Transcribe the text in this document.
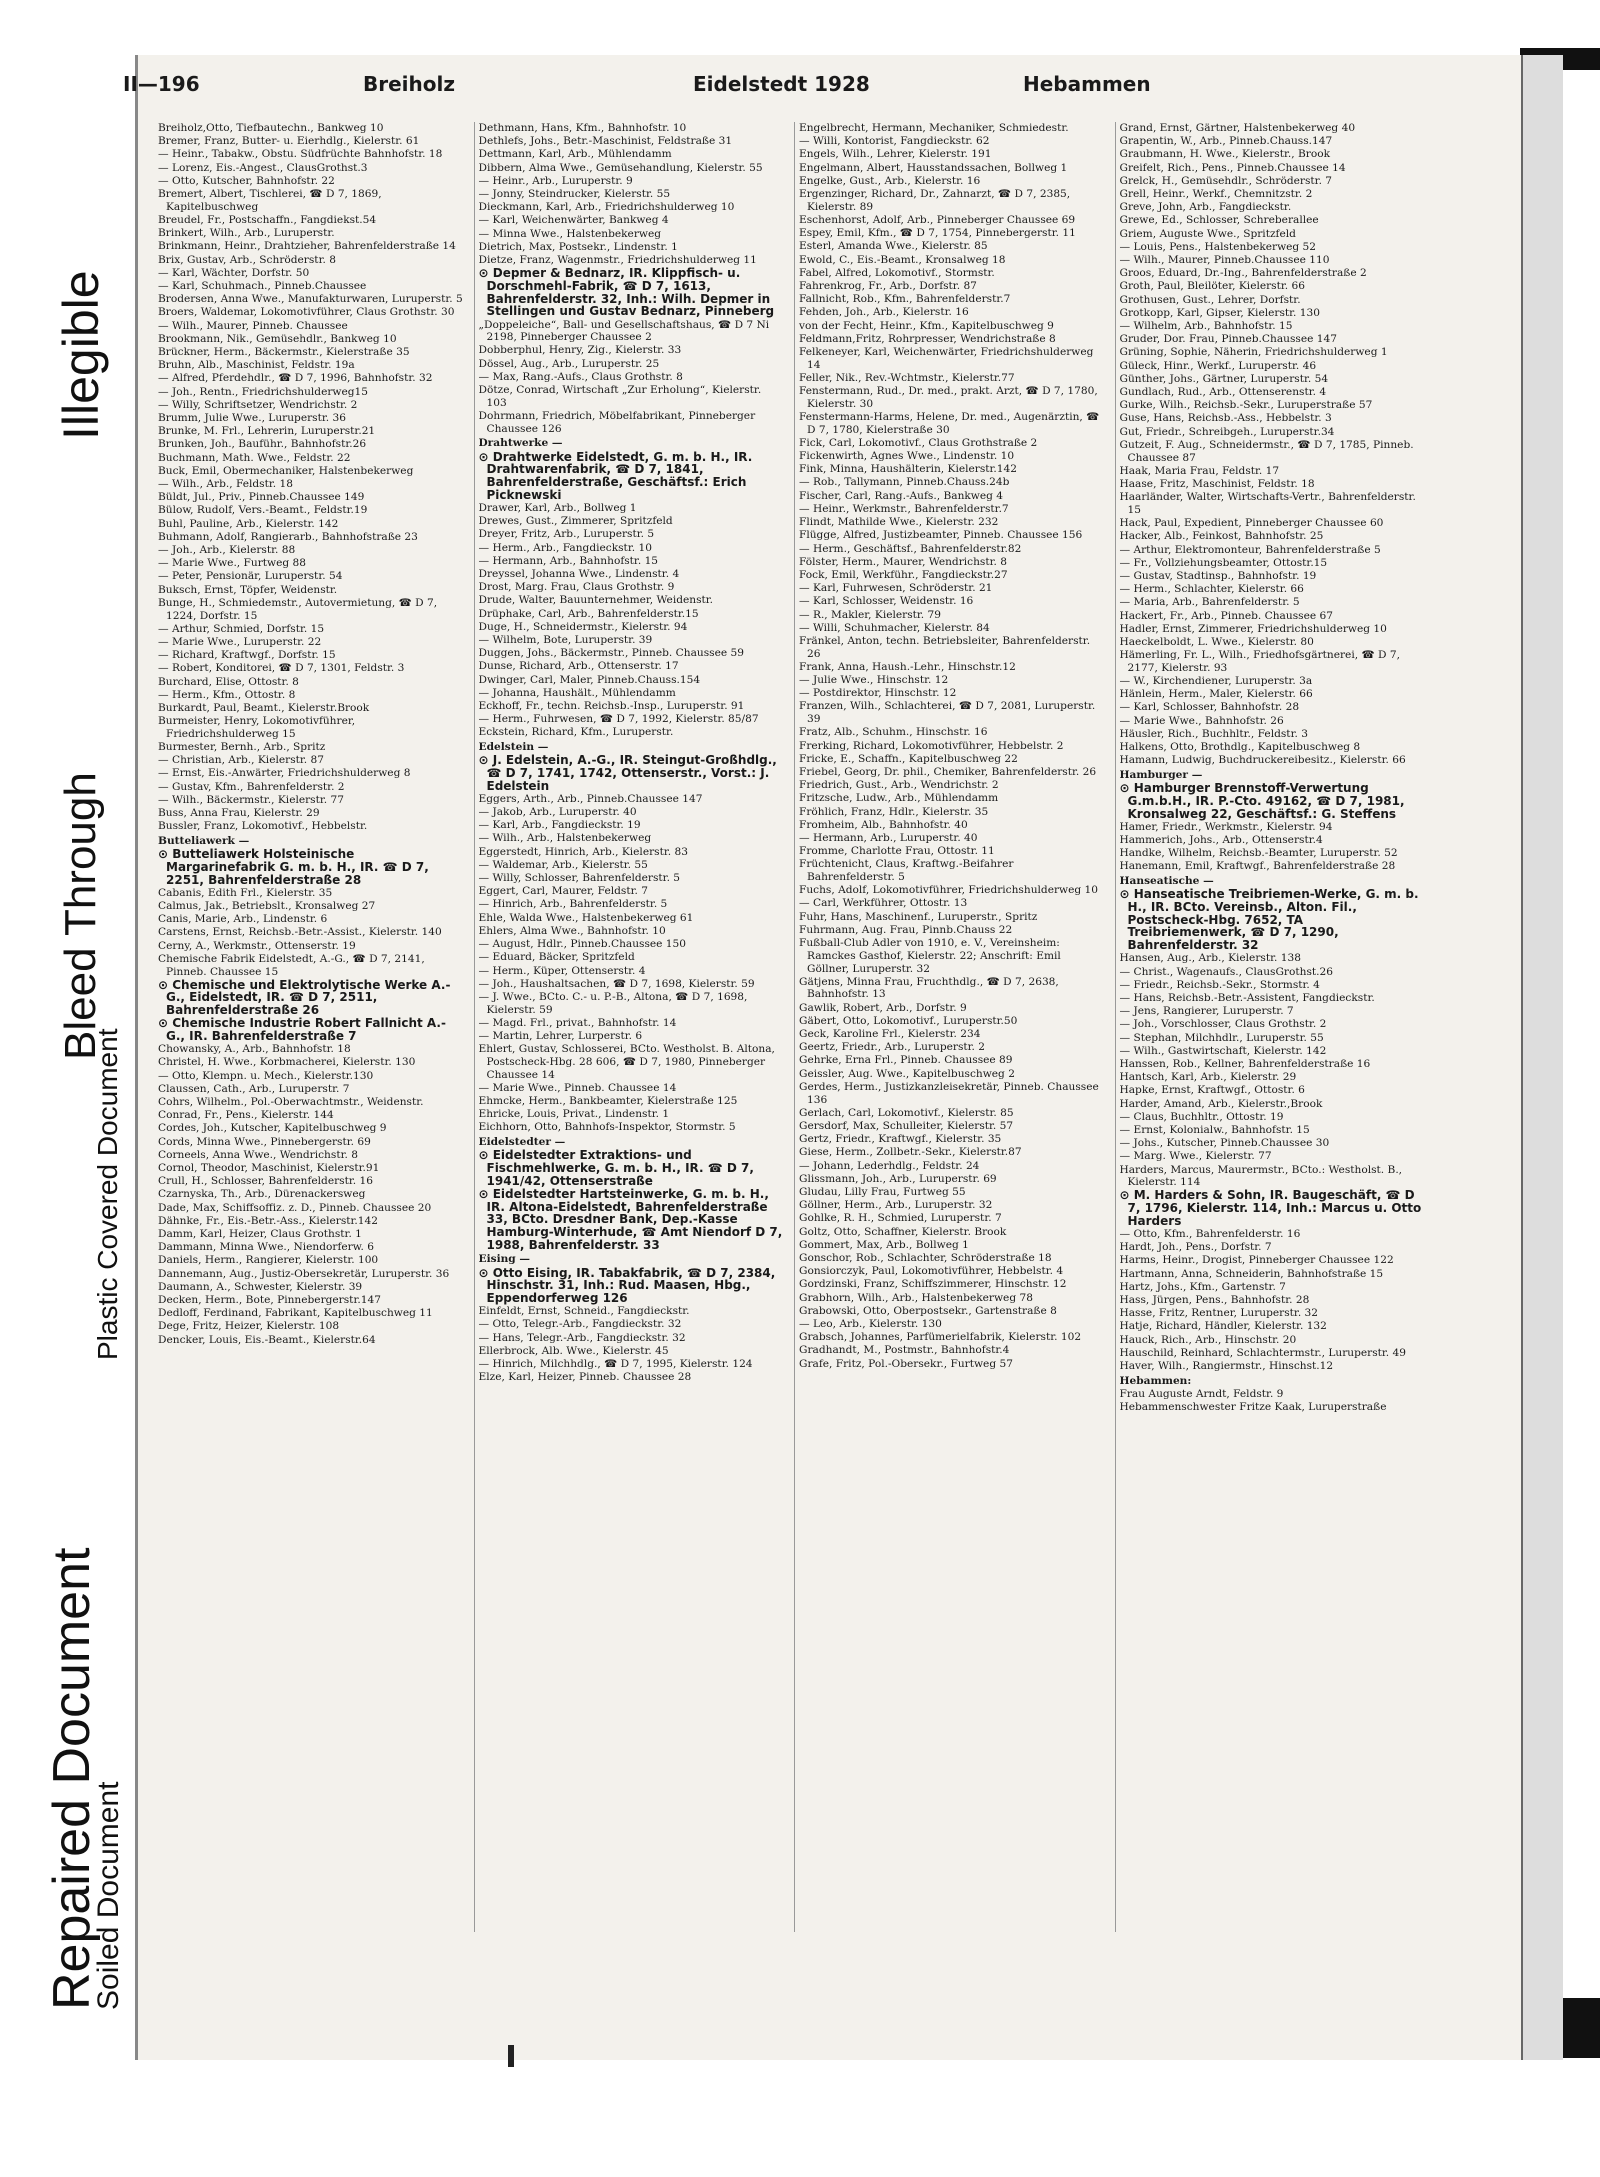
Repaired Document
Bleed Through
Soiled Document
Plastic Covered Document
Illegible
II—196	Breiholz	Eidelstedt 1928	Hebammen
Breiholz,Otto, Tiefbautechn., Bankweg 10
Bremer, Franz, Butter- u. Eierhdlg., Kielerstr. 61
— Heinr., Tabakw., Obstu. Südfrüchte Bahnhofstr. 18
— Lorenz, Eis.-Angest., ClausGrothst.3
— Otto, Kutscher, Bahnhofstr. 22
Bremert, Albert, Tischlerei, ☎ D 7, 1869, Kapitelbuschweg
Breudel, Fr., Postschaffn., Fangdiekst.54
Brinkert, Wilh., Arb., Luruperstr.
Brinkmann, Heinr., Drahtzieher, Bahrenfelderstraße 14
Brix, Gustav, Arb., Schröderstr. 8
— Karl, Wächter, Dorfstr. 50
— Karl, Schuhmach., Pinneb.Chaussee
Brodersen, Anna Wwe., Manufakturwaren, Luruperstr. 5
Broers, Waldemar, Lokomotivführer, Claus Grothstr. 30
— Wilh., Maurer, Pinneb. Chaussee
Brookmann, Nik., Gemüsehdlr., Bankweg 10
Brückner, Herm., Bäckermstr., Kielerstraße 35
Bruhn, Alb., Maschinist, Feldstr. 19a
— Alfred, Pferdehdlr., ☎ D 7, 1996, Bahnhofstr. 32
— Joh., Rentn., Friedrichshulderweg15
— Willy, Schriftsetzer, Wendrichstr. 2
Brumm, Julie Wwe., Luruperstr. 36
Brunke, M. Frl., Lehrerin, Luruperstr.21
Brunken, Joh., Bauführ., Bahnhofstr.26
Buchmann, Math. Wwe., Feldstr. 22
Buck, Emil, Obermechaniker, Halstenbekerweg
— Wilh., Arb., Feldstr. 18
Büldt, Jul., Priv., Pinneb.Chaussee 149
Bülow, Rudolf, Vers.-Beamt., Feldstr.19
Buhl, Pauline, Arb., Kielerstr. 142
Buhmann, Adolf, Rangierarb., Bahnhofstraße 23
— Joh., Arb., Kielerstr. 88
— Marie Wwe., Furtweg 88
— Peter, Pensionär, Luruperstr. 54
Buksch, Ernst, Töpfer, Weidenstr.
Bunge, H., Schmiedemstr., Autovermietung, ☎ D 7, 1224, Dorfstr. 15
— Arthur, Schmied, Dorfstr. 15
— Marie Wwe., Luruperstr. 22
— Richard, Kraftwgf., Dorfstr. 15
— Robert, Konditorei, ☎ D 7, 1301, Feldstr. 3
Burchard, Elise, Ottostr. 8
— Herm., Kfm., Ottostr. 8
Burkardt, Paul, Beamt., Kielerstr.Brook
Burmeister, Henry, Lokomotivführer, Friedrichshulderweg 15
Burmester, Bernh., Arb., Spritz
— Christian, Arb., Kielerstr. 87
— Ernst, Eis.-Anwärter, Friedrichshulderweg 8
— Gustav, Kfm., Bahrenfelderstr. 2
— Wilh., Bäckermstr., Kielerstr. 77
Buss, Anna Frau, Kielerstr. 29
Bussler, Franz, Lokomotivf., Hebbelstr.
Butteliawerk —
⊙ Butteliawerk Holsteinische Margarinefabrik G. m. b. H., IR. ☎ D 7, 2251, Bahrenfelderstraße 28
Cabanis, Edith Frl., Kielerstr. 35
Calmus, Jak., Betriebslt., Kronsalweg 27
Canis, Marie, Arb., Lindenstr. 6
Carstens, Ernst, Reichsb.-Betr.-Assist., Kielerstr. 140
Cerny, A., Werkmstr., Ottenserstr. 19
Chemische Fabrik Eidelstedt, A.-G., ☎ D 7, 2141, Pinneb. Chaussee 15
⊙ Chemische und Elektrolytische Werke A.-G., Eidelstedt, IR. ☎ D 7, 2511, Bahrenfelderstraße 26
⊙ Chemische Industrie Robert Fallnicht A.-G., IR. Bahrenfelderstraße 7
Chowansky, A., Arb., Bahnhofstr. 18
Christel, H. Wwe., Korbmacherei, Kielerstr. 130
— Otto, Klempn. u. Mech., Kielerstr.130
Claussen, Cath., Arb., Luruperstr. 7
Cohrs, Wilhelm., Pol.-Oberwachtmstr., Weidenstr.
Conrad, Fr., Pens., Kielerstr. 144
Cordes, Joh., Kutscher, Kapitelbuschweg 9
Cords, Minna Wwe., Pinnebergerstr. 69
Corneels, Anna Wwe., Wendrichstr. 8
Cornol, Theodor, Maschinist, Kielerstr.91
Crull, H., Schlosser, Bahrenfelderstr. 16
Czarnyska, Th., Arb., Dürenackersweg
Dade, Max, Schiffsoffiz. z. D., Pinneb. Chaussee 20
Dähnke, Fr., Eis.-Betr.-Ass., Kielerstr.142
Damm, Karl, Heizer, Claus Grothstr. 1
Dammann, Minna Wwe., Niendorferw. 6
Daniels, Herm., Rangierer, Kielerstr. 100
Dannemann, Aug., Justiz-Obersekretär, Luruperstr. 36
Daumann, A., Schwester, Kielerstr. 39
Decken, Herm., Bote, Pinnebergerstr.147
Dedloff, Ferdinand, Fabrikant, Kapitelbuschweg 11
Dege, Fritz, Heizer, Kielerstr. 108
Dencker, Louis, Eis.-Beamt., Kielerstr.64
Dethmann, Hans, Kfm., Bahnhofstr. 10
Dethlefs, Johs., Betr.-Maschinist, Feldstraße 31
Dettmann, Karl, Arb., Mühlendamm
Dibbern, Alma Wwe., Gemüsehandlung, Kielerstr. 55
— Heinr., Arb., Luruperstr. 9
— Jonny, Steindrucker, Kielerstr. 55
Dieckmann, Karl, Arb., Friedrichshulderweg 10
— Karl, Weichenwärter, Bankweg 4
— Minna Wwe., Halstenbekerweg
Dietrich, Max, Postsekr., Lindenstr. 1
Dietze, Franz, Wagenmstr., Friedrichshulderweg 11
⊙ Depmer & Bednarz, IR. Klippfisch- u. Dorschmehl-Fabrik, ☎ D 7, 1613, Bahrenfelderstr. 32, Inh.: Wilh. Depmer in Stellingen und Gustav Bednarz, Pinneberg
„Doppeleiche“, Ball- und Gesellschaftshaus, ☎ D 7 Ni 2198, Pinneberger Chaussee 2
Dobberphul, Henry, Zig., Kielerstr. 33
Dössel, Aug., Arb., Luruperstr. 25
— Max, Rang.-Aufs., Claus Grothstr. 8
Dötze, Conrad, Wirtschaft „Zur Erholung“, Kielerstr. 103
Dohrmann, Friedrich, Möbelfabrikant, Pinneberger Chaussee 126
Drahtwerke —
⊙ Drahtwerke Eidelstedt, G. m. b. H., IR. Drahtwarenfabrik, ☎ D 7, 1841, Bahrenfelderstraße, Geschäftsf.: Erich Picknewski
Drawer, Karl, Arb., Bollweg 1
Drewes, Gust., Zimmerer, Spritzfeld
Dreyer, Fritz, Arb., Luruperstr. 5
— Herm., Arb., Fangdieckstr. 10
— Hermann, Arb., Bahnhofstr. 15
Dreyssel, Johanna Wwe., Lindenstr. 4
Drost, Marg. Frau, Claus Grothstr. 9
Drude, Walter, Bauunternehmer, Weidenstr.
Drüphake, Carl, Arb., Bahrenfelderstr.15
Duge, H., Schneidermstr., Kielerstr. 94
— Wilhelm, Bote, Luruperstr. 39
Duggen, Johs., Bäckermstr., Pinneb. Chaussee 59
Dunse, Richard, Arb., Ottenserstr. 17
Dwinger, Carl, Maler, Pinneb.Chauss.154
— Johanna, Haushält., Mühlendamm
Eckhoff, Fr., techn. Reichsb.-Insp., Luruperstr. 91
— Herm., Fuhrwesen, ☎ D 7, 1992, Kielerstr. 85/87
Eckstein, Richard, Kfm., Luruperstr.
Edelstein —
⊙ J. Edelstein, A.-G., IR. Steingut-Großhdlg., ☎ D 7, 1741, 1742, Ottenserstr., Vorst.: J. Edelstein
Eggers, Arth., Arb., Pinneb.Chaussee 147
— Jakob, Arb., Luruperstr. 40
— Karl, Arb., Fangdieckstr. 19
— Wilh., Arb., Halstenbekerweg
Eggerstedt, Hinrich, Arb., Kielerstr. 83
— Waldemar, Arb., Kielerstr. 55
— Willy, Schlosser, Bahrenfelderstr. 5
Eggert, Carl, Maurer, Feldstr. 7
— Hinrich, Arb., Bahrenfelderstr. 5
Ehle, Walda Wwe., Halstenbekerweg 61
Ehlers, Alma Wwe., Bahnhofstr. 10
— August, Hdlr., Pinneb.Chaussee 150
— Eduard, Bäcker, Spritzfeld
— Herm., Küper, Ottenserstr. 4
— Joh., Haushaltsachen, ☎ D 7, 1698, Kielerstr. 59
— J. Wwe., BCto. C.- u. P.-B., Altona, ☎ D 7, 1698, Kielerstr. 59
— Magd. Frl., privat., Bahnhofstr. 14
— Martin, Lehrer, Lurperstr. 6
Ehlert, Gustav, Schlosserei, BCto. Westholst. B. Altona, Postscheck-Hbg. 28 606, ☎ D 7, 1980, Pinneberger Chaussee 14
— Marie Wwe., Pinneb. Chaussee 14
Ehmcke, Herm., Bankbeamter, Kielerstraße 125
Ehricke, Louis, Privat., Lindenstr. 1
Eichhorn, Otto, Bahnhofs-Inspektor, Stormstr. 5
Eidelstedter —
⊙ Eidelstedter Extraktions- und Fischmehlwerke, G. m. b. H., IR. ☎ D 7, 1941/42, Ottenserstraße
⊙ Eidelstedter Hartsteinwerke, G. m. b. H., IR. Altona-Eidelstedt, Bahrenfelderstraße 33, BCto. Dresdner Bank, Dep.-Kasse Hamburg-Winterhude, ☎ Amt Niendorf D 7, 1988, Bahrenfelderstr. 33
Eising —
⊙ Otto Eising, IR. Tabakfabrik, ☎ D 7, 2384, Hinschstr. 31, Inh.: Rud. Maasen, Hbg., Eppendorferweg 126
Einfeldt, Ernst, Schneid., Fangdieckstr.
— Otto, Telegr.-Arb., Fangdieckstr. 32
— Hans, Telegr.-Arb., Fangdieckstr. 32
Ellerbrock, Alb. Wwe., Kielerstr. 45
— Hinrich, Milchhdlg., ☎ D 7, 1995, Kielerstr. 124
Elze, Karl, Heizer, Pinneb. Chaussee 28
Engelbrecht, Hermann, Mechaniker, Schmiedestr.
— Willi, Kontorist, Fangdieckstr. 62
Engels, Wilh., Lehrer, Kielerstr. 191
Engelmann, Albert, Hausstandssachen, Bollweg 1
Engelke, Gust., Arb., Kielerstr. 16
Ergenzinger, Richard, Dr., Zahnarzt, ☎ D 7, 2385, Kielerstr. 89
Eschenhorst, Adolf, Arb., Pinneberger Chaussee 69
Espey, Emil, Kfm., ☎ D 7, 1754, Pinnebergerstr. 11
Esterl, Amanda Wwe., Kielerstr. 85
Ewold, C., Eis.-Beamt., Kronsalweg 18
Fabel, Alfred, Lokomotivf., Stormstr.
Fahrenkrog, Fr., Arb., Dorfstr. 87
Fallnicht, Rob., Kfm., Bahrenfelderstr.7
Fehden, Joh., Arb., Kielerstr. 16
von der Fecht, Heinr., Kfm., Kapitelbuschweg 9
Feldmann,Fritz, Rohrpresser, Wendrichstraße 8
Felkeneyer, Karl, Weichenwärter, Friedrichshulderweg 14
Feller, Nik., Rev.-Wchtmstr., Kielerstr.77
Fenstermann, Rud., Dr. med., prakt. Arzt, ☎ D 7, 1780, Kielerstr. 30
Fenstermann-Harms, Helene, Dr. med., Augenärztin, ☎ D 7, 1780, Kielerstraße 30
Fick, Carl, Lokomotivf., Claus Grothstraße 2
Fickenwirth, Agnes Wwe., Lindenstr. 10
Fink, Minna, Haushälterin, Kielerstr.142
— Rob., Tallymann, Pinneb.Chauss.24b
Fischer, Carl, Rang.-Aufs., Bankweg 4
— Heinr., Werkmstr., Bahrenfelderstr.7
Flindt, Mathilde Wwe., Kielerstr. 232
Flügge, Alfred, Justizbeamter, Pinneb. Chaussee 156
— Herm., Geschäftsf., Bahrenfelderstr.82
Fölster, Herm., Maurer, Wendrichstr. 8
Fock, Emil, Werkführ., Fangdieckstr.27
— Karl, Fuhrwesen, Schröderstr. 21
— Karl, Schlosser, Weidenstr. 16
— R., Makler, Kielerstr. 79
— Willi, Schuhmacher, Kielerstr. 84
Fränkel, Anton, techn. Betriebsleiter, Bahrenfelderstr. 26
Frank, Anna, Haush.-Lehr., Hinschstr.12
— Julie Wwe., Hinschstr. 12
— Postdirektor, Hinschstr. 12
Franzen, Wilh., Schlachterei, ☎ D 7, 2081, Luruperstr. 39
Fratz, Alb., Schuhm., Hinschstr. 16
Frerking, Richard, Lokomotivführer, Hebbelstr. 2
Fricke, E., Schaffn., Kapitelbuschweg 22
Friebel, Georg, Dr. phil., Chemiker, Bahrenfelderstr. 26
Friedrich, Gust., Arb., Wendrichstr. 2
Fritzsche, Ludw., Arb., Mühlendamm
Fröhlich, Franz, Hdlr., Kielerstr. 35
Fromheim, Alb., Bahnhofstr. 40
— Hermann, Arb., Luruperstr. 40
Fromme, Charlotte Frau, Ottostr. 11
Früchtenicht, Claus, Kraftwg.-Beifahrer Bahrenfelderstr. 5
Fuchs, Adolf, Lokomotivführer, Friedrichshulderweg 10
— Carl, Werkführer, Ottostr. 13
Fuhr, Hans, Maschinenf., Luruperstr., Spritz
Fuhrmann, Aug. Frau, Pinnb.Chauss 22
Fußball-Club Adler von 1910, e. V., Vereinsheim: Ramckes Gasthof, Kielerstr. 22; Anschrift: Emil Göllner, Luruperstr. 32
Gätjens, Minna Frau, Fruchthdlg., ☎ D 7, 2638, Bahnhofstr. 13
Gawlik, Robert, Arb., Dorfstr. 9
Gäbert, Otto, Lokomotivf., Luruperstr.50
Geck, Karoline Frl., Kielerstr. 234
Geertz, Friedr., Arb., Luruperstr. 2
Gehrke, Erna Frl., Pinneb. Chaussee 89
Geissler, Aug. Wwe., Kapitelbuschweg 2
Gerdes, Herm., Justizkanzleisekretär, Pinneb. Chaussee 136
Gerlach, Carl, Lokomotivf., Kielerstr. 85
Gersdorf, Max, Schulleiter, Kielerstr. 57
Gertz, Friedr., Kraftwgf., Kielerstr. 35
Giese, Herm., Zollbetr.-Sekr., Kielerstr.87
— Johann, Lederhdlg., Feldstr. 24
Glissmann, Joh., Arb., Luruperstr. 69
Gludau, Lilly Frau, Furtweg 55
Göllner, Herm., Arb., Luruperstr. 32
Gohlke, R. H., Schmied, Luruperstr. 7
Goltz, Otto, Schaffner, Kielerstr. Brook
Gommert, Max, Arb., Bollweg 1
Gonschor, Rob., Schlachter, Schröderstraße 18
Gonsiorczyk, Paul, Lokomotivführer, Hebbelstr. 4
Gordzinski, Franz, Schiffszimmerer, Hinschstr. 12
Grabhorn, Wilh., Arb., Halstenbekerweg 78
Grabowski, Otto, Oberpostsekr., Gartenstraße 8
— Leo, Arb., Kielerstr. 130
Grabsch, Johannes, Parfümerielfabrik, Kielerstr. 102
Gradhandt, M., Postmstr., Bahnhofstr.4
Grafe, Fritz, Pol.-Obersekr., Furtweg 57
Grand, Ernst, Gärtner, Halstenbekerweg 40
Grapentin, W., Arb., Pinneb.Chauss.147
Graubmann, H. Wwe., Kielerstr., Brook
Greifelt, Rich., Pens., Pinneb.Chaussee 14
Grelck, H., Gemüsehdlr., Schröderstr. 7
Grell, Heinr., Werkf., Chemnitzstr. 2
Greve, John, Arb., Fangdieckstr.
Grewe, Ed., Schlosser, Schreberallee
Griem, Auguste Wwe., Spritzfeld
— Louis, Pens., Halstenbekerweg 52
— Wilh., Maurer, Pinneb.Chaussee 110
Groos, Eduard, Dr.-Ing., Bahrenfelderstraße 2
Groth, Paul, Bleilöter, Kielerstr. 66
Grothusen, Gust., Lehrer, Dorfstr.
Grotkopp, Karl, Gipser, Kielerstr. 130
— Wilhelm, Arb., Bahnhofstr. 15
Gruder, Dor. Frau, Pinneb.Chaussee 147
Grüning, Sophie, Näherin, Friedrichshulderweg 1
Güleck, Hinr., Werkf., Luruperstr. 46
Günther, Johs., Gärtner, Luruperstr. 54
Gundlach, Rud., Arb., Ottenserenstr. 4
Gurke, Wilh., Reichsb.-Sekr., Luruperstraße 57
Guse, Hans, Reichsb.-Ass., Hebbelstr. 3
Gut, Friedr., Schreibgeh., Luruperstr.34
Gutzeit, F. Aug., Schneidermstr., ☎ D 7, 1785, Pinneb. Chaussee 87
Haak, Maria Frau, Feldstr. 17
Haase, Fritz, Maschinist, Feldstr. 18
Haarländer, Walter, Wirtschafts-Vertr., Bahrenfelderstr. 15
Hack, Paul, Expedient, Pinneberger Chaussee 60
Hacker, Alb., Feinkost, Bahnhofstr. 25
— Arthur, Elektromonteur, Bahrenfelderstraße 5
— Fr., Vollziehungsbeamter, Ottostr.15
— Gustav, Stadtinsp., Bahnhofstr. 19
— Herm., Schlachter, Kielerstr. 66
— Maria, Arb., Bahrenfelderstr. 5
Hackert, Fr., Arb., Pinneb. Chaussee 67
Hadler, Ernst, Zimmerer, Friedrichshulderweg 10
Haeckelboldt, L. Wwe., Kielerstr. 80
Hämerling, Fr. L., Wilh., Friedhofsgärtnerei, ☎ D 7, 2177, Kielerstr. 93
— W., Kirchendiener, Luruperstr. 3a
Hänlein, Herm., Maler, Kielerstr. 66
— Karl, Schlosser, Bahnhofstr. 28
— Marie Wwe., Bahnhofstr. 26
Häusler, Rich., Buchhltr., Feldstr. 3
Halkens, Otto, Brothdlg., Kapitelbuschweg 8
Hamann, Ludwig, Buchdruckereibesitz., Kielerstr. 66
Hamburger —
⊙ Hamburger Brennstoff-Verwertung G.m.b.H., IR. P.-Cto. 49162, ☎ D 7, 1981, Kronsalweg 22, Geschäftsf.: G. Steffens
Hamer, Friedr., Werkmstr., Kielerstr. 94
Hammerich, Johs., Arb., Ottenserstr.4
Handke, Wilhelm, Reichsb.-Beamter, Luruperstr. 52
Hanemann, Emil, Kraftwgf., Bahrenfelderstraße 28
Hanseatische —
⊙ Hanseatische Treibriemen-Werke, G. m. b. H., IR. BCto. Vereinsb., Alton. Fil., Postscheck-Hbg. 7652, TA Treibriemenwerk, ☎ D 7, 1290, Bahrenfelderstr. 32
Hansen, Aug., Arb., Kielerstr. 138
— Christ., Wagenaufs., ClausGrothst.26
— Friedr., Reichsb.-Sekr., Stormstr. 4
— Hans, Reichsb.-Betr.-Assistent, Fangdieckstr.
— Jens, Rangierer, Luruperstr. 7
— Joh., Vorschlosser, Claus Grothstr. 2
— Stephan, Milchhdlr., Luruperstr. 55
— Wilh., Gastwirtschaft, Kielerstr. 142
Hanssen, Rob., Kellner, Bahrenfelderstraße 16
Hantsch, Karl, Arb., Kielerstr. 29
Hapke, Ernst, Kraftwgf., Ottostr. 6
Harder, Amand, Arb., Kielerstr.,Brook
— Claus, Buchhltr., Ottostr. 19
— Ernst, Kolonialw., Bahnhofstr. 15
— Johs., Kutscher, Pinneb.Chaussee 30
— Marg. Wwe., Kielerstr. 77
Harders, Marcus, Maurermstr., BCto.: Westholst. B., Kielerstr. 114
⊙ M. Harders & Sohn, IR. Baugeschäft, ☎ D 7, 1796, Kielerstr. 114, Inh.: Marcus u. Otto Harders
— Otto, Kfm., Bahrenfelderstr. 16
Hardt, Joh., Pens., Dorfstr. 7
Harms, Heinr., Drogist, Pinneberger Chaussee 122
Hartmann, Anna, Schneiderin, Bahnhofstraße 15
Hartz, Johs., Kfm., Gartenstr. 7
Hass, Jürgen, Pens., Bahnhofstr. 28
Hasse, Fritz, Rentner, Luruperstr. 32
Hatje, Richard, Händler, Kielerstr. 132
Hauck, Rich., Arb., Hinschstr. 20
Hauschild, Reinhard, Schlachtermstr., Luruperstr. 49
Haver, Wilh., Rangiermstr., Hinschst.12
Hebammen:
Frau Auguste Arndt, Feldstr. 9
Hebammenschwester Fritze Kaak, Luruperstraße
